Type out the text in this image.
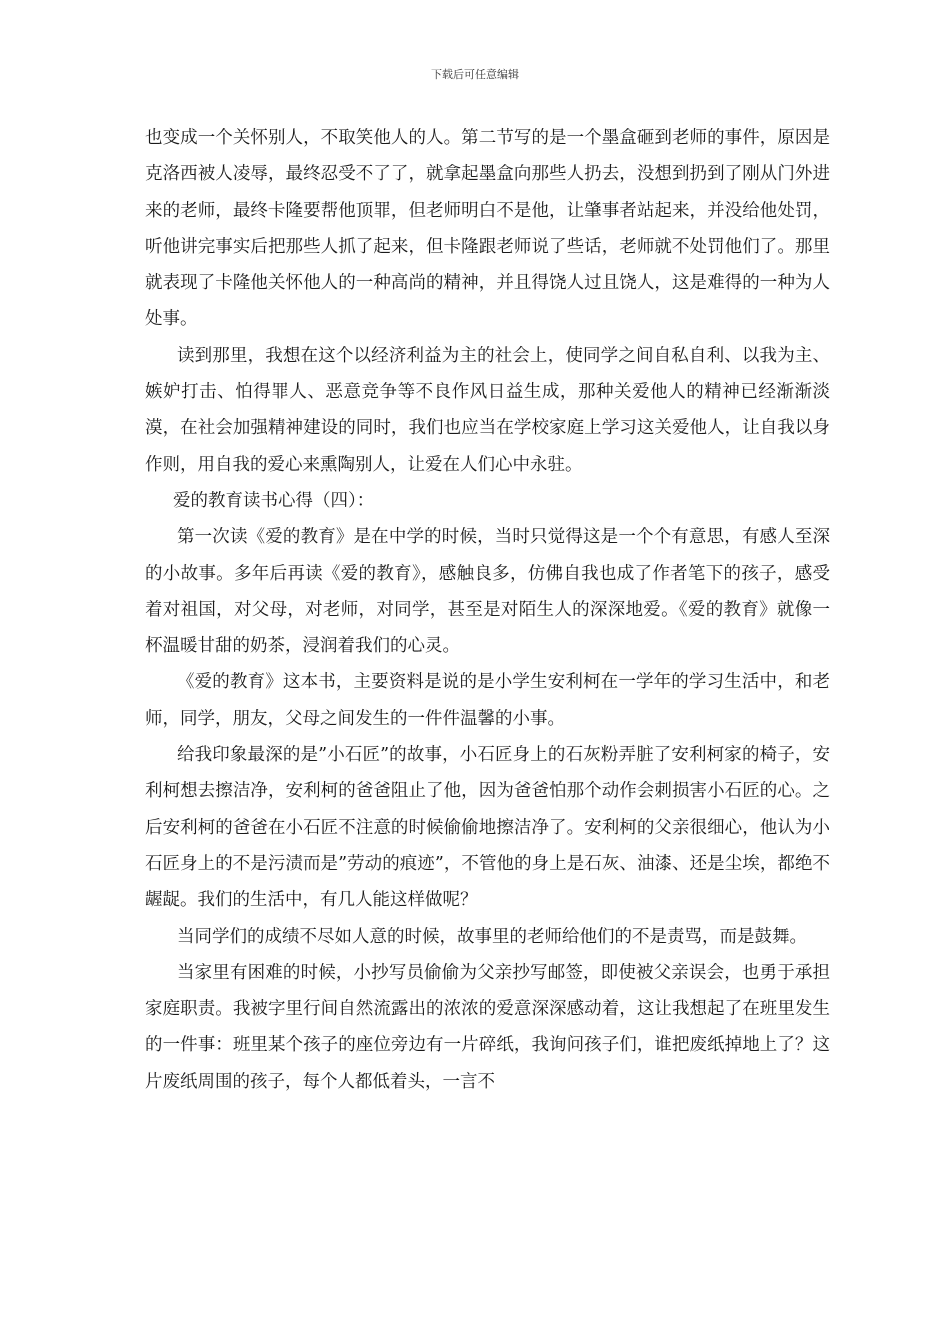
下载后可任意编辑

也变成一个关怀别人，不取笑他人的人。第二节写的是一个墨盒砸到老师的事件，原因是克洛西被人凌辱，最终忍受不了了，就拿起墨盒向那些人扔去，没想到扔到了刚从门外进来的老师，最终卡隆要帮他顶罪，但老师明白不是他，让肇事者站起来，并没给他处罚，听他讲完事实后把那些人抓了起来，但卡隆跟老师说了些话，老师就不处罚他们了。那里就表现了卡隆他关怀他人的一种高尚的精神，并且得饶人过且饶人，这是难得的一种为人处事。

读到那里，我想在这个以经济利益为主的社会上，使同学之间自私自利、以我为主、嫉妒打击、怕得罪人、恶意竞争等不良作风日益生成，那种关爱他人的精神已经渐渐淡漠，在社会加强精神建设的同时，我们也应当在学校家庭上学习这关爱他人，让自我以身作则，用自我的爱心来熏陶别人，让爱在人们心中永驻。

爱的教育读书心得（四）：

第一次读《爱的教育》是在中学的时候，当时只觉得这是一个个有意思，有感人至深的小故事。多年后再读《爱的教育》，感触良多，仿佛自我也成了作者笔下的孩子，感受着对祖国，对父母，对老师，对同学，甚至是对陌生人的深深地爱。《爱的教育》就像一杯温暖甘甜的奶茶，浸润着我们的心灵。

《爱的教育》这本书，主要资料是说的是小学生安利柯在一学年的学习生活中，和老师，同学，朋友，父母之间发生的一件件温馨的小事。

给我印象最深的是”小石匠”的故事，小石匠身上的石灰粉弄脏了安利柯家的椅子，安利柯想去擦洁净，安利柯的爸爸阻止了他，因为爸爸怕那个动作会刺损害小石匠的心。之后安利柯的爸爸在小石匠不注意的时候偷偷地擦洁净了。安利柯的父亲很细心，他认为小石匠身上的不是污渍而是”劳动的痕迹”，不管他的身上是石灰、油漆、还是尘埃，都绝不龌龊。我们的生活中，有几人能这样做呢？

当同学们的成绩不尽如人意的时候，故事里的老师给他们的不是责骂，而是鼓舞。

当家里有困难的时候，小抄写员偷偷为父亲抄写邮签，即使被父亲误会，也勇于承担家庭职责。我被字里行间自然流露出的浓浓的爱意深深感动着，这让我想起了在班里发生的一件事：班里某个孩子的座位旁边有一片碎纸，我询问孩子们，谁把废纸掉地上了？这片废纸周围的孩子，每个人都低着头，一言不
